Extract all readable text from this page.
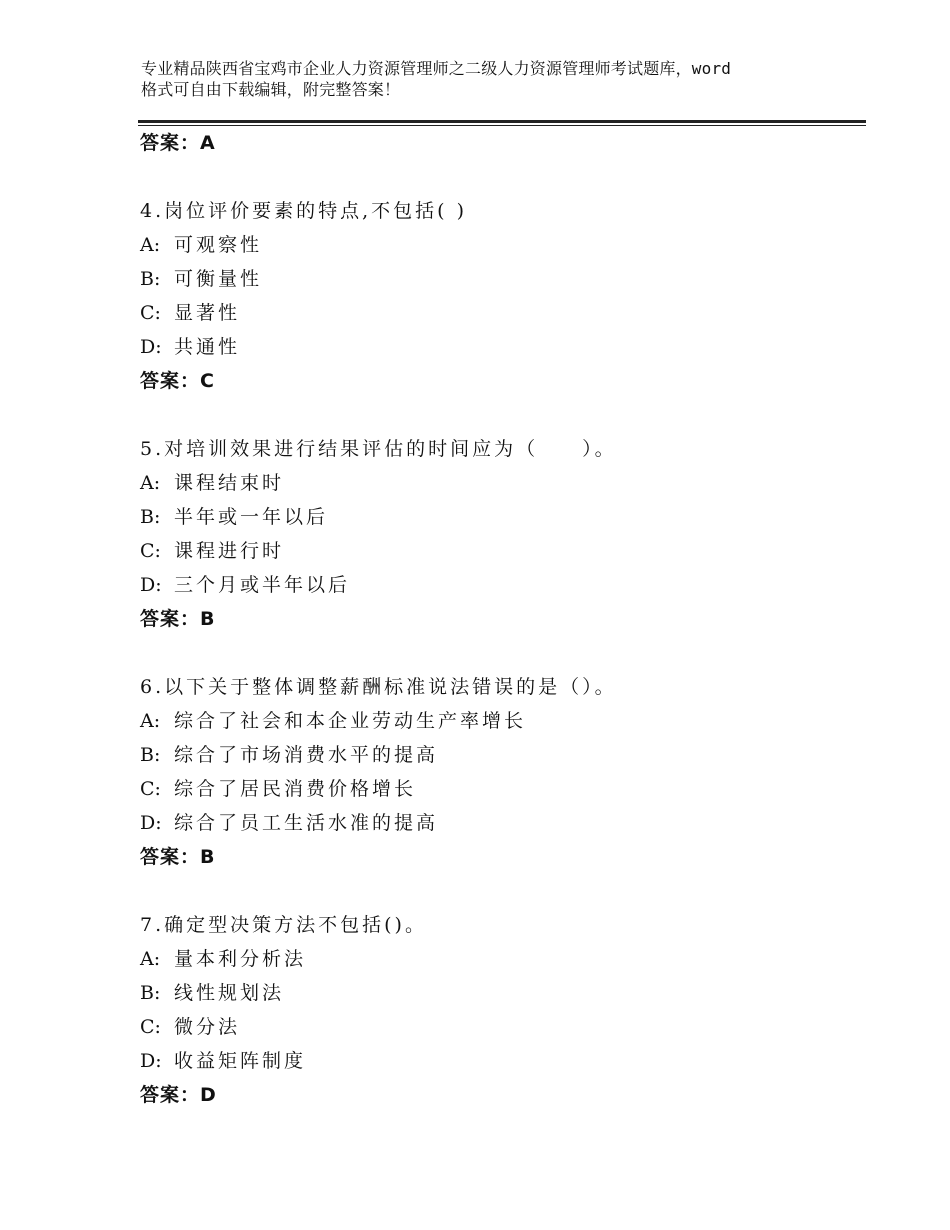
专业精品陕西省宝鸡市企业人力资源管理师之二级人力资源管理师考试题库，word
格式可自由下载编辑，附完整答案！
答案：A
4.岗位评价要素的特点,不包括( )
A: 可观察性
B: 可衡量性
C: 显著性
D: 共通性
答案：C
5.对培训效果进行结果评估的时间应为（　　）。
A: 课程结束时
B: 半年或一年以后
C: 课程进行时
D: 三个月或半年以后
答案：B
6.以下关于整体调整薪酬标准说法错误的是（）。
A: 综合了社会和本企业劳动生产率增长
B: 综合了市场消费水平的提高
C: 综合了居民消费价格增长
D: 综合了员工生活水准的提高
答案：B
7.确定型决策方法不包括()。
A: 量本利分析法
B: 线性规划法
C: 微分法
D: 收益矩阵制度
答案：D
